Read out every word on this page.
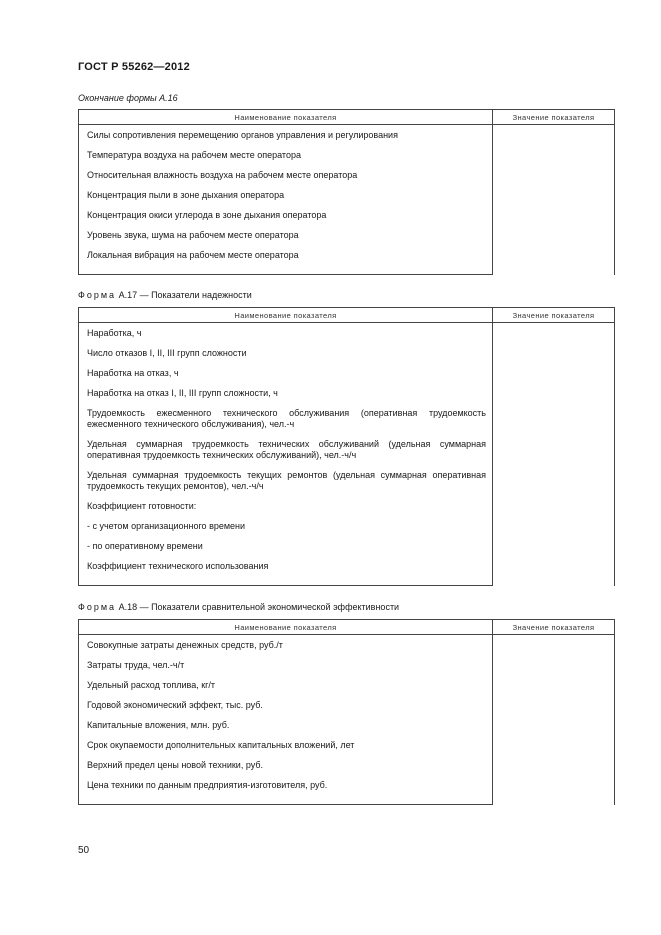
ГОСТ Р 55262—2012
Окончание формы А.16
Наименование показателя	Значение показателя
Силы сопротивления перемещению органов управления и регулирования	
Температура воздуха на рабочем месте оператора	
Относительная влажность воздуха на рабочем месте оператора	
Концентрация пыли в зоне дыхания оператора	
Концентрация окиси углерода в зоне дыхания оператора	
Уровень звука, шума на рабочем месте оператора	
Локальная вибрация на рабочем месте оператора	
Форма А.17 — Показатели надежности
Наименование показателя	Значение показателя
Наработка, ч	
Число отказов I, II, III групп сложности	
Наработка на отказ, ч	
Наработка на отказ I, II, III групп сложности, ч	
Трудоемкость ежесменного технического обслуживания (оперативная трудоемкость ежесменного технического обслуживания), чел.-ч	
Удельная суммарная трудоемкость технических обслуживаний (удельная суммарная оперативная трудоемкость технических обслуживаний), чел.-ч/ч	
Удельная суммарная трудоемкость текущих ремонтов (удельная суммарная оперативная трудоемкость текущих ремонтов), чел.-ч/ч	
Коэффициент готовности:	
- с учетом организационного времени	
- по оперативному времени	
Коэффициент технического использования	
Форма А.18 — Показатели сравнительной экономической эффективности
Наименование показателя	Значение показателя
Совокупные затраты денежных средств, руб./т	
Затраты труда, чел.-ч/т	
Удельный расход топлива, кг/т	
Годовой экономический эффект, тыс. руб.	
Капитальные вложения, млн. руб.	
Срок окупаемости дополнительных капитальных вложений, лет	
Верхний предел цены новой техники, руб.	
Цена техники по данным предприятия-изготовителя, руб.	
50
